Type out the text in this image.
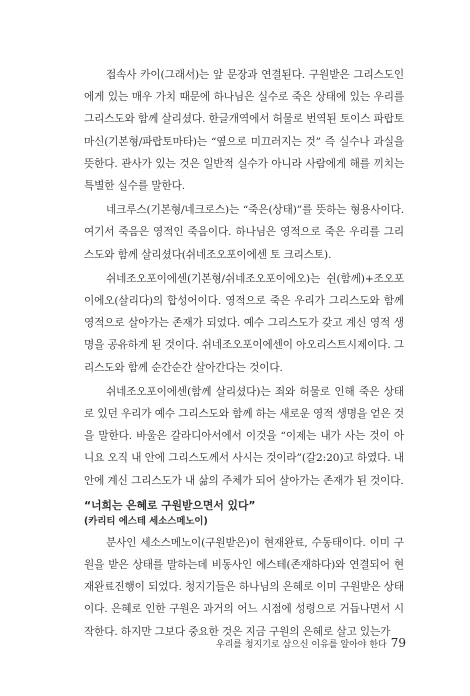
접속사 카이(그래서)는 앞 문장과 연결된다. 구원받은 그리스도인에게 있는 매우 가치 때문에 하나님은 실수로 죽은 상태에 있는 우리를 그리스도와 함께 살리셨다. 한글개역에서 허물로 번역된 토이스 파랍토마신(기본형/파랍토마타)는 “옆으로 미끄러지는 것” 즉 실수나 과실을 뜻한다. 관사가 있는 것은 일반적 실수가 아니라 사람에게 해를 끼치는 특별한 실수를 말한다.

네크루스(기본형/네크로스)는 “죽은(상태)”를 뜻하는 형용사이다. 여기서 죽음은 영적인 죽음이다. 하나님은 영적으로 죽은 우리를 그리스도와 함께 살리셨다(쉬네조오포이에센 토 크리스토).

쉬네조오포이에센(기본형/쉬네조오포이에오)는 쉰(함께)+조오포이에오(살리다)의 합성어이다. 영적으로 죽은 우리가 그리스도와 함께 영적으로 살아가는 존재가 되었다. 예수 그리스도가 갖고 계신 영적 생명을 공유하게 된 것이다. 쉬네조오포이에센이 아오리스트시제이다. 그리스도와 함께 순간순간 살아간다는 것이다.

쉬네조오포이에센(함께 살리셨다)는 죄와 허물로 인해 죽은 상태로 있던 우리가 예수 그리스도와 함께 하는 새로운 영적 생명을 얻은 것을 말한다. 바울은 갈라디아서에서 이것을 “이제는 내가 사는 것이 아니요 오직 내 안에 그리스도께서 사시는 것이라”(갈2:20)고 하였다. 내 안에 계신 그리스도가 내 삶의 주체가 되어 살아가는 존재가 된 것이다.

“너희는 은혜로 구원받으면서 있다”
(카리티 에스테 세소스메노이)

분사인 세소스메노이(구원받은)이 현재완료, 수동태이다. 이미 구원을 받은 상태를 말하는데 비동사인 에스테(존재하다)와 연결되어 현재완료진행이 되었다. 청지기들은 하나님의 은혜로 이미 구원받은 상태이다. 은혜로 인한 구원은 과거의 어느 시점에 성령으로 거듭나면서 시작한다. 하지만 그보다 중요한 것은 지금 구원의 은혜로 살고 있는가

우리를 청지기로 삼으신 이유를 알아야 한다 79
